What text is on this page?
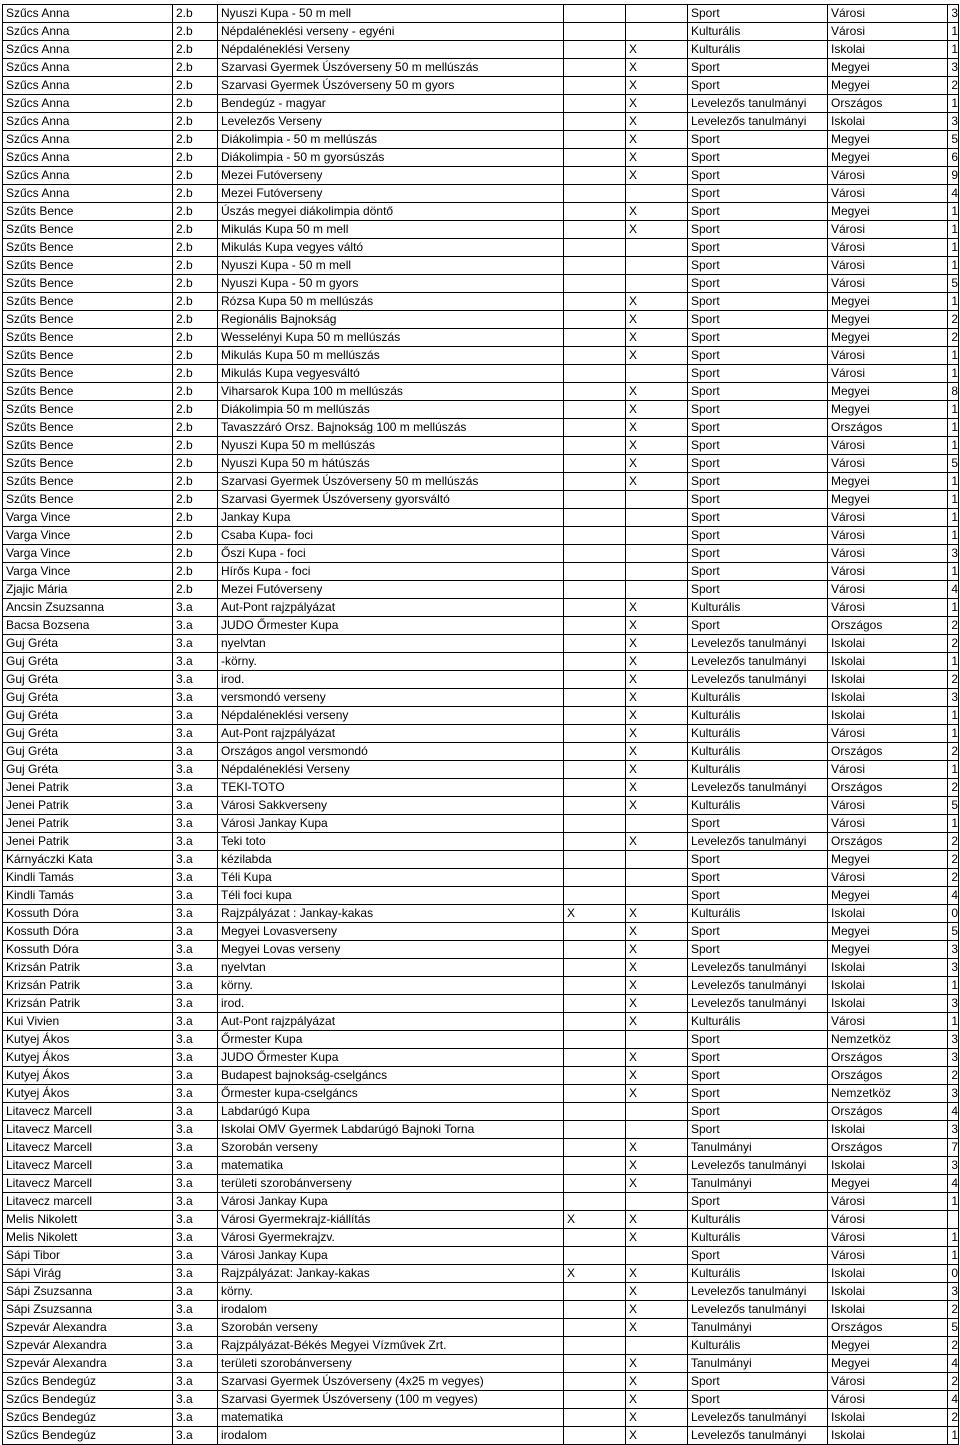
Szűcs Anna	2.b	Nyuszi Kupa - 50 m mell			Sport	Városi	3
Szűcs Anna	2.b	Népdaléneklési verseny - egyéni			Kulturális	Városi	1
Szűcs Anna	2.b	Népdaléneklési Verseny		X	Kulturális	Iskolai	1
Szűcs Anna	2.b	Szarvasi Gyermek Úszóverseny 50 m mellúszás		X	Sport	Megyei	3
Szűcs Anna	2.b	Szarvasi Gyermek Úszóverseny 50 m gyors		X	Sport	Megyei	2
Szűcs Anna	2.b	Bendegúz - magyar		X	Levelezős tanulmányi	Országos	1
Szűcs Anna	2.b	Levelezős Verseny		X	Levelezős tanulmányi	Iskolai	3
Szűcs Anna	2.b	Diákolimpia - 50 m mellúszás		X	Sport	Megyei	5
Szűcs Anna	2.b	Diákolimpia - 50 m gyorsúszás		X	Sport	Megyei	6
Szűcs Anna	2.b	Mezei Futóverseny		X	Sport	Városi	9
Szűcs Anna	2.b	Mezei Futóverseny			Sport	Városi	4
Szűts Bence	2.b	Úszás megyei diákolimpia döntő		X	Sport	Megyei	1
Szűts Bence	2.b	Mikulás Kupa 50 m mell		X	Sport	Városi	1
Szűts Bence	2.b	Mikulás Kupa vegyes váltó			Sport	Városi	1
Szűts Bence	2.b	Nyuszi Kupa - 50 m mell			Sport	Városi	1
Szűts Bence	2.b	Nyuszi Kupa - 50 m gyors			Sport	Városi	5
Szűts Bence	2.b	Rózsa Kupa 50 m mellúszás		X	Sport	Megyei	1
Szűts Bence	2.b	Regionális Bajnokság		X	Sport	Megyei	2
Szűts Bence	2.b	Wesselényi Kupa 50 m mellúszás		X	Sport	Megyei	2
Szűts Bence	2.b	Mikulás Kupa 50 m mellúszás		X	Sport	Városi	1
Szűts Bence	2.b	Mikulás Kupa vegyesváltó			Sport	Városi	1
Szűts Bence	2.b	Viharsarok Kupa 100 m mellúszás		X	Sport	Megyei	8
Szűts Bence	2.b	Diákolimpia 50 m mellúszás		X	Sport	Megyei	1
Szűts Bence	2.b	Tavaszzáró Orsz. Bajnokság 100 m mellúszás		X	Sport	Országos	1
Szűts Bence	2.b	Nyuszi Kupa 50 m mellúszás		X	Sport	Városi	1
Szűts Bence	2.b	Nyuszi Kupa 50 m hátúszás		X	Sport	Városi	5
Szűts Bence	2.b	Szarvasi Gyermek Úszóverseny 50 m mellúszás		X	Sport	Megyei	1
Szűts Bence	2.b	Szarvasi Gyermek Úszóverseny gyorsváltó			Sport	Megyei	1
Varga Vince	2.b	Jankay Kupa			Sport	Városi	1
Varga Vince	2.b	Csaba Kupa- foci			Sport	Városi	1
Varga Vince	2.b	Őszi Kupa - foci			Sport	Városi	3
Varga Vince	2.b	Hírős Kupa - foci			Sport	Városi	1
Zjajic Mária	2.b	Mezei Futóverseny			Sport	Városi	4
Ancsin Zsuzsanna	3.a	Aut-Pont rajzpályázat		X	Kulturális	Városi	1
Bacsa Bozsena	3.a	JUDO Őrmester Kupa		X	Sport	Országos	2
Guj Gréta	3.a	nyelvtan		X	Levelezős tanulmányi	Iskolai	2
Guj Gréta	3.a	-körny.		X	Levelezős tanulmányi	Iskolai	1
Guj Gréta	3.a	irod.		X	Levelezős tanulmányi	Iskolai	2
Guj Gréta	3.a	versmondó verseny		X	Kulturális	Iskolai	3
Guj Gréta	3.a	Népdaléneklési verseny		X	Kulturális	Iskolai	1
Guj Gréta	3.a	Aut-Pont rajzpályázat		X	Kulturális	Városi	1
Guj Gréta	3.a	Országos angol versmondó		X	Kulturális	Országos	2
Guj Gréta	3.a	Népdaléneklési Verseny		X	Kulturális	Városi	1
Jenei Patrik	3.a	TEKI-TOTO		X	Levelezős tanulmányi	Országos	2
Jenei Patrik	3.a	Városi Sakkverseny		X	Kulturális	Városi	5
Jenei Patrik	3.a	Városi Jankay Kupa			Sport	Városi	1
Jenei Patrik	3.a	Teki toto		X	Levelezős tanulmányi	Országos	2
Kárnyáczki Kata	3.a	kézilabda			Sport	Megyei	2
Kindli Tamás	3.a	Téli Kupa			Sport	Városi	2
Kindli Tamás	3.a	Téli foci kupa			Sport	Megyei	4
Kossuth Dóra	3.a	Rajzpályázat : Jankay-kakas	X	X	Kulturális	Iskolai	0
Kossuth Dóra	3.a	Megyei Lovasverseny		X	Sport	Megyei	5
Kossuth Dóra	3.a	Megyei Lovas verseny		X	Sport	Megyei	3
Krizsán Patrik	3.a	nyelvtan		X	Levelezős tanulmányi	Iskolai	3
Krizsán Patrik	3.a	körny.		X	Levelezős tanulmányi	Iskolai	1
Krizsán Patrik	3.a	irod.		X	Levelezős tanulmányi	Iskolai	3
Kui Vivien	3.a	Aut-Pont rajzpályázat		X	Kulturális	Városi	1
Kutyej Ákos	3.a	Őrmester Kupa			Sport	Nemzetköz	3
Kutyej Ákos	3.a	JUDO Őrmester Kupa		X	Sport	Országos	3
Kutyej Ákos	3.a	Budapest bajnokság-cselgáncs		X	Sport	Országos	2
Kutyej Ákos	3.a	Őrmester kupa-cselgáncs		X	Sport	Nemzetköz	3
Litavecz Marcell	3.a	Labdarúgó Kupa			Sport	Országos	4
Litavecz Marcell	3.a	Iskolai OMV Gyermek Labdarúgó Bajnoki Torna			Sport	Iskolai	3
Litavecz Marcell	3.a	Szorobán verseny		X	Tanulmányi	Országos	7
Litavecz Marcell	3.a	matematika		X	Levelezős tanulmányi	Iskolai	3
Litavecz Marcell	3.a	területi szorobánverseny		X	Tanulmányi	Megyei	4
Litavecz marcell	3.a	Városi Jankay Kupa			Sport	Városi	1
Melis Nikolett	3.a	Városi Gyermekrajz-kiállítás	X	X	Kulturális	Városi	
Melis Nikolett	3.a	Városi Gyermekrajzv.		X	Kulturális	Városi	1
Sápi Tibor	3.a	Városi Jankay Kupa			Sport	Városi	1
Sápi Virág	3.a	Rajzpályázat: Jankay-kakas	X	X	Kulturális	Iskolai	0
Sápi Zsuzsanna	3.a	körny.		X	Levelezős tanulmányi	Iskolai	3
Sápi Zsuzsanna	3.a	irodalom		X	Levelezős tanulmányi	Iskolai	2
Szpevár Alexandra	3.a	Szorobán verseny		X	Tanulmányi	Országos	5
Szpevár Alexandra	3.a	Rajzpályázat-Békés Megyei Vízművek Zrt.			Kulturális	Megyei	2
Szpevár Alexandra	3.a	területi szorobánverseny		X	Tanulmányi	Megyei	4
Szűcs Bendegúz	3.a	Szarvasi Gyermek Úszóverseny (4x25 m vegyes)		X	Sport	Városi	2
Szűcs Bendegúz	3.a	Szarvasi Gyermek Úszóverseny (100 m vegyes)		X	Sport	Városi	4
Szűcs Bendegúz	3.a	matematika		X	Levelezős tanulmányi	Iskolai	2
Szűcs Bendegúz	3.a	irodalom		X	Levelezős tanulmányi	Iskolai	1
